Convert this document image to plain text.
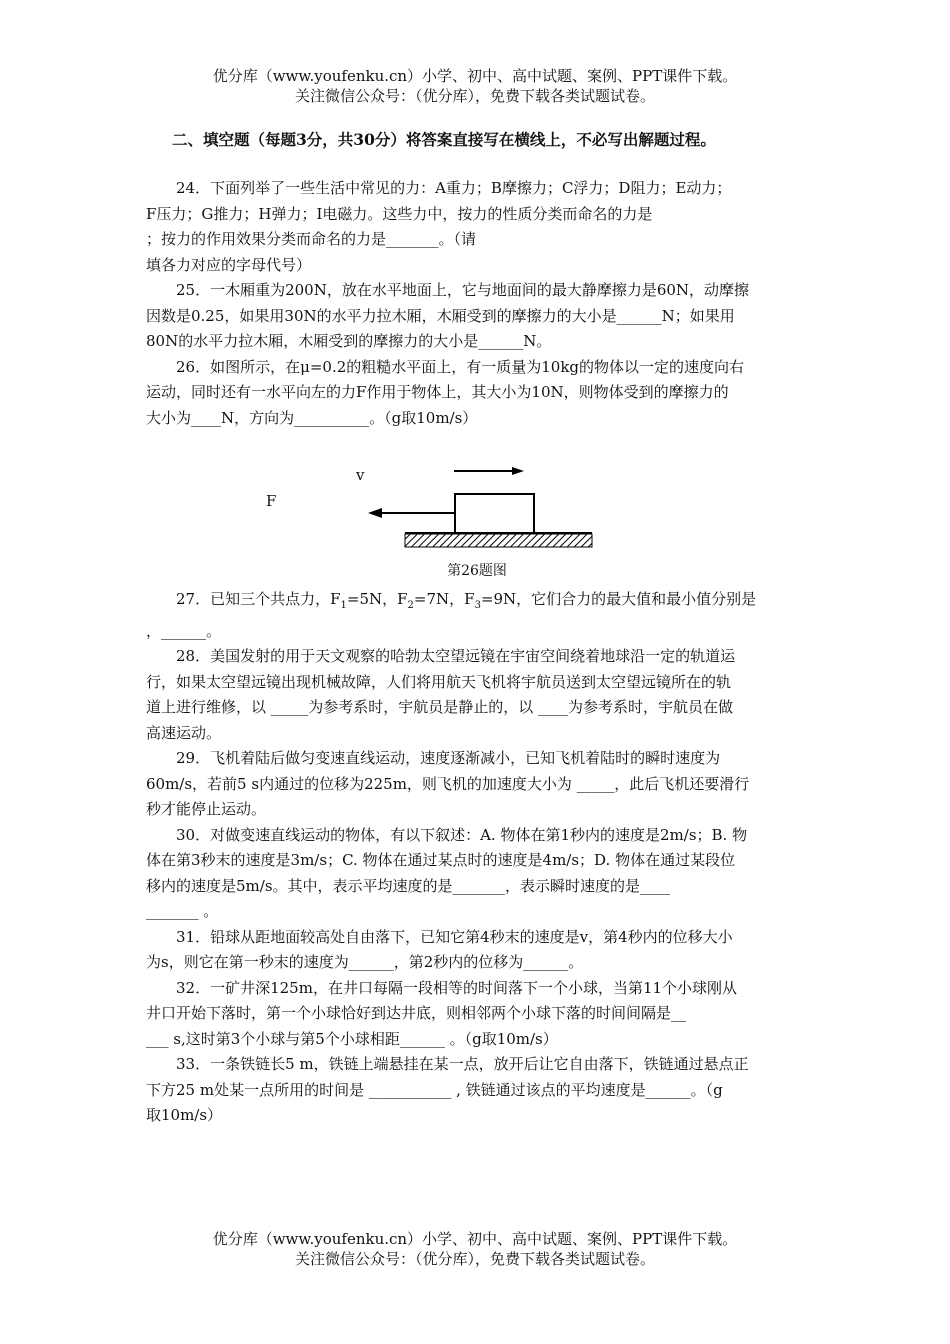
优分库（www.youfenku.cn）小学、初中、高中试题、案例、PPT课件下载。
关注微信公众号：（优分库），免费下载各类试题试卷。
二、填空题（每题3分，共30分）将答案直接写在横线上，不必写出解题过程。

24．下面列举了一些生活中常见的力：A重力；B摩擦力；C浮力；D阻力；E动力；
F压力；G推力；H弹力；I电磁力。这些力中，按力的性质分类而命名的力是
；按力的作用效果分类而命名的力是_______。（请
填各力对应的字母代号）

25．一木厢重为200N，放在水平地面上，它与地面间的最大静摩擦力是60N，动摩擦
因数是0.25，如果用30N的水平力拉木厢，木厢受到的摩擦力的大小是______N；如果用
80N的水平力拉木厢，木厢受到的摩擦力的大小是______N。

26．如图所示，在μ=0.2的粗糙水平面上，有一质量为10kg的物体以一定的速度向右
运动，同时还有一水平向左的力F作用于物体上，其大小为10N，则物体受到的摩擦力的
大小为____N，方向为__________。（g取10m/s）

v
F
第26题图

27．已知三个共点力，$F_1=5N$，$F_2=7N$，$F_3=9N$，它们合力的最大值和最小值分别是
，______。

28．美国发射的用于天文观察的哈勃太空望远镜在宇宙空间绕着地球沿一定的轨道运
行，如果太空望远镜出现机械故障，人们将用航天飞机将宇航员送到太空望远镜所在的轨
道上进行维修，以 _____为参考系时，宇航员是静止的，以 ____为参考系时，宇航员在做
高速运动。

29．飞机着陆后做匀变速直线运动，速度逐渐减小，已知飞机着陆时的瞬时速度为
60m/s，若前5 s内通过的位移为225m，则飞机的加速度大小为 _____，此后飞机还要滑行
秒才能停止运动。

30．对做变速直线运动的物体，有以下叙述：A. 物体在第1秒内的速度是2m/s；B. 物
体在第3秒末的速度是3m/s；C. 物体在通过某点时的速度是4m/s；D. 物体在通过某段位
移内的速度是5m/s。其中，表示平均速度的是_______，表示瞬时速度的是____
_______ 。

31．铅球从距地面较高处自由落下，已知它第4秒末的速度是v，第4秒内的位移大小
为s，则它在第一秒末的速度为______，第2秒内的位移为______。

32．一矿井深125m，在井口每隔一段相等的时间落下一个小球，当第11个小球刚从
井口开始下落时，第一个小球恰好到达井底，则相邻两个小球下落的时间间隔是__
___ s,这时第3个小球与第5个小球相距______ 。（g取10m/s）

33．一条铁链长5 m，铁链上端悬挂在某一点，放开后让它自由落下，铁链通过悬点正
下方25 m处某一点所用的时间是 ___________ , 铁链通过该点的平均速度是______。（g
取10m/s）

优分库（www.youfenku.cn）小学、初中、高中试题、案例、PPT课件下载。
关注微信公众号：（优分库），免费下载各类试题试卷。
